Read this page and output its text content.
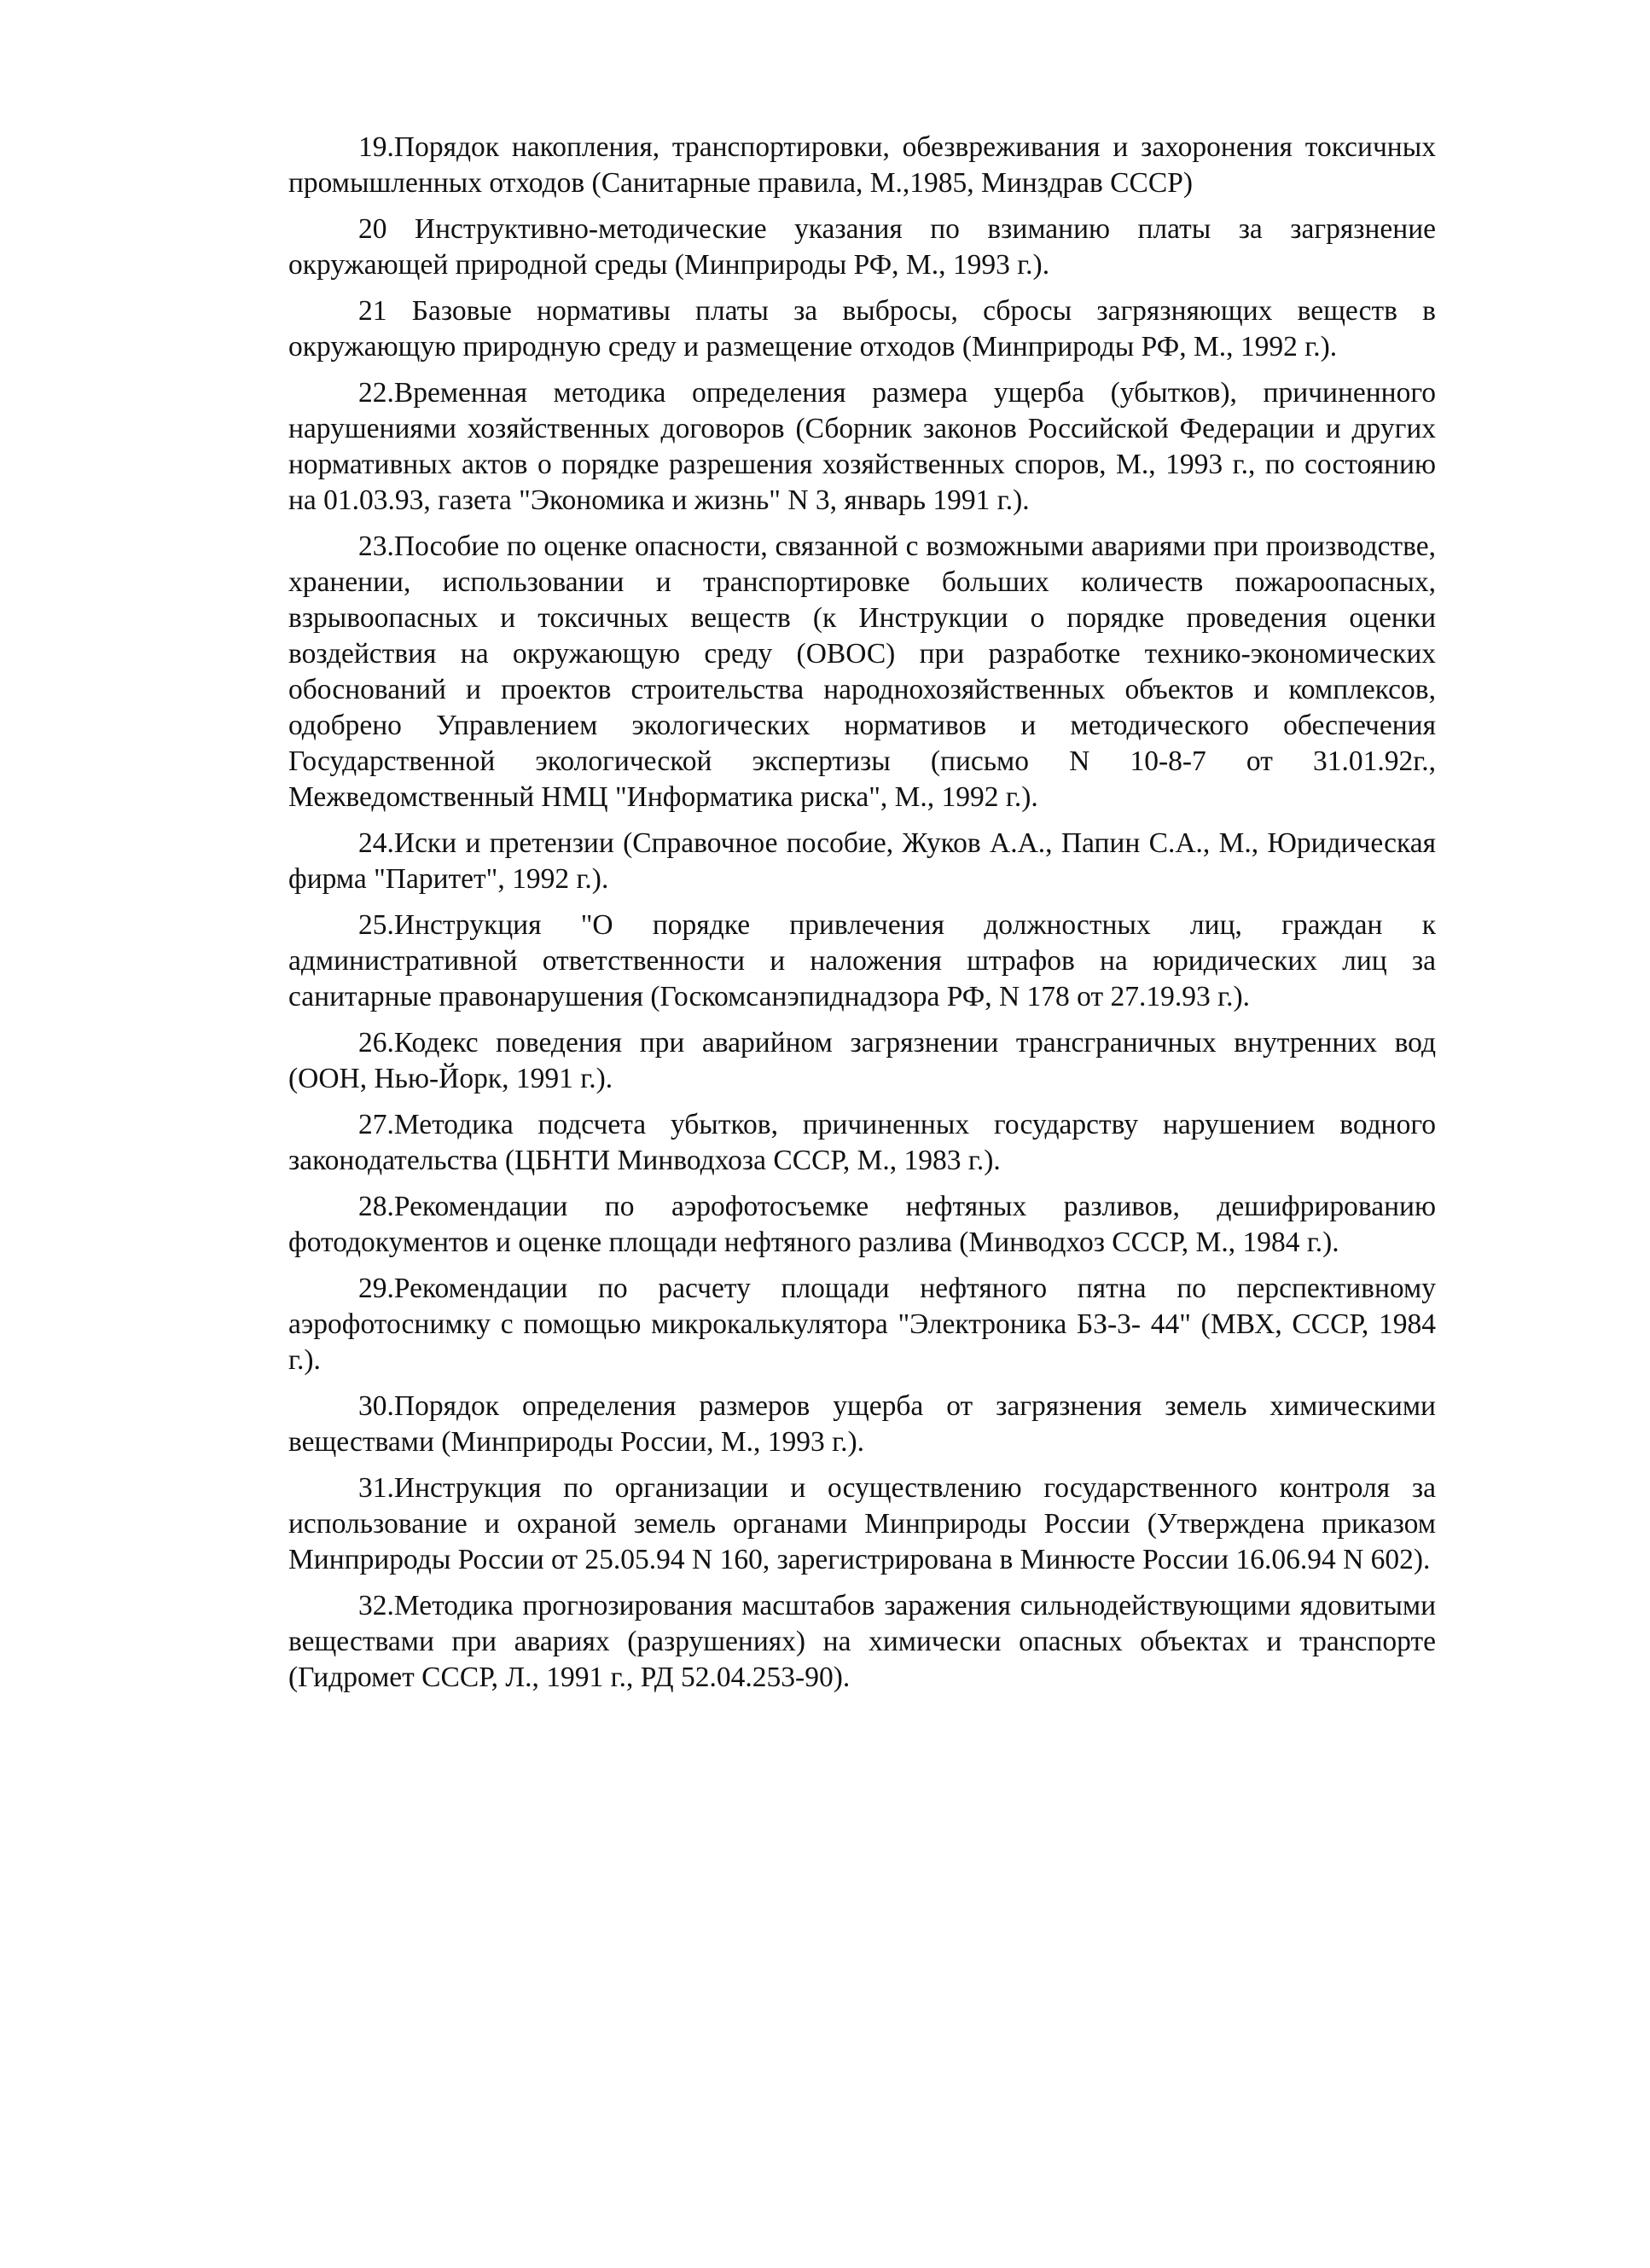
19.Порядок накопления, транспортировки, обезвреживания и захоронения токсичных промышленных отходов (Санитарные правила, М.,1985, Минздрав СССР)

20 Инструктивно-методические указания по взиманию платы за загрязнение окружающей природной среды (Минприроды РФ, М., 1993 г.).

21 Базовые нормативы платы за выбросы, сбросы загрязняющих веществ в окружающую природную среду и размещение отходов (Минприроды РФ, М., 1992 г.).

22.Временная методика определения размера ущерба (убытков), причиненного нарушениями хозяйственных договоров (Сборник законов Российской Федерации и других нормативных актов о порядке разрешения хозяйственных споров, М., 1993 г., по состоянию на 01.03.93, газета "Экономика и жизнь" N 3, январь 1991 г.).

23.Пособие по оценке опасности, связанной с возможными авариями при производстве, хранении, использовании и транспортировке больших количеств пожароопасных, взрывоопасных и токсичных веществ (к Инструкции о порядке проведения оценки воздействия на окружающую среду (ОВОС) при разработке технико-экономических обоснований и проектов строительства народнохозяйственных объектов и комплексов, одобрено Управлением экологических нормативов и методического обеспечения Государственной экологической экспертизы (письмо N 10-8-7 от 31.01.92г., Межведомственный НМЦ "Информатика риска", М., 1992 г.).

24.Иски и претензии (Справочное пособие, Жуков А.А., Папин С.А., М., Юридическая фирма "Паритет", 1992 г.).

25.Инструкция "О порядке привлечения должностных лиц, граждан к административной ответственности и наложения штрафов на юридических лиц за санитарные правонарушения (Госкомсанэпиднадзора РФ, N 178 от 27.19.93 г.).

26.Кодекс поведения при аварийном загрязнении трансграничных внутренних вод (ООН, Нью-Йорк, 1991 г.).

27.Методика подсчета убытков, причиненных государству нарушением водного законодательства (ЦБНТИ Минводхоза СССР, М., 1983 г.).

28.Рекомендации по аэрофотосъемке нефтяных разливов, дешифрированию фотодокументов и оценке площади нефтяного разлива (Минводхоз СССР, М., 1984 г.).

29.Рекомендации по расчету площади нефтяного пятна по перспективному аэрофотоснимку с помощью микрокалькулятора "Электроника БЗ-3- 44" (МВХ, СССР, 1984 г.).

30.Порядок определения размеров ущерба от загрязнения земель химическими веществами (Минприроды России, М., 1993 г.).

31.Инструкция по организации и осуществлению государственного контроля за использование и охраной земель органами Минприроды России (Утверждена приказом Минприроды России от 25.05.94 N 160, зарегистрирована в Минюсте России 16.06.94 N 602).

32.Методика прогнозирования масштабов заражения сильнодействующими ядовитыми веществами при авариях (разрушениях) на химически опасных объектах и транспорте (Гидромет СССР, Л., 1991 г., РД 52.04.253-90).
